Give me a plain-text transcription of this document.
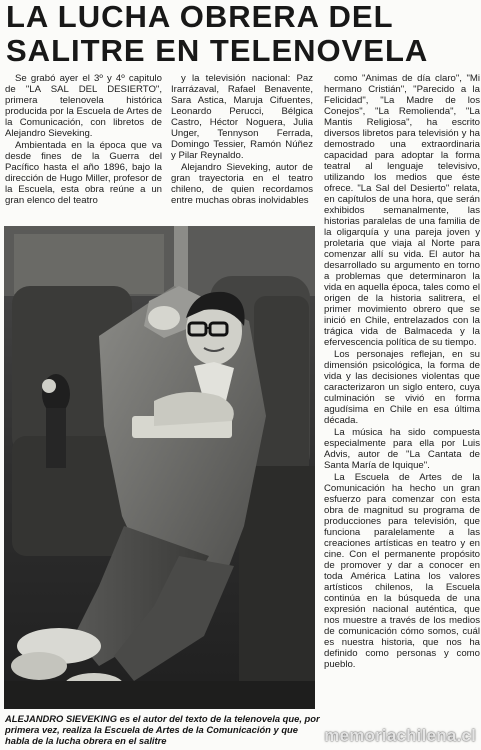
LA LUCHA OBRERA DEL
SALITRE EN TELENOVELA

Se grabó ayer el 3º y 4º capitulo de "LA SAL DEL DESIERTO", primera telenovela histórica producida por la Escuela de Artes de la Comunicación, con libretos de Alejandro Sieveking.

Ambientada en la época que va desde fines de la Guerra del Pacífico hasta el año 1896, bajo la dirección de Hugo Miller, profesor de la Escuela, esta obra reúne a un gran elenco del teatro

y la televisión nacional: Paz Irarrázaval, Rafael Benavente, Sara Astica, Maruja Cifuentes, Leonardo Perucci, Bélgica Castro, Héctor Noguera, Julia Unger, Tennyson Ferrada, Domingo Tessier, Ramón Núñez y Pilar Reynaldo.

Alejandro Sieveking, autor de gran trayectoria en el teatro chileno, de quien recordamos entre muchas obras inolvidables

como "Animas de día claro", "Mi hermano Cristián", "Parecido a la Felicidad", "La Madre de los Conejos", "La Remolienda", "La Mantis Religiosa", ha escrito diversos libretos para televisión y ha demostrado una extraordinaria capacidad para adoptar la forma teatral al lenguaje televisivo, utilizando los medios que éste ofrece. "La Sal del Desierto" relata, en capítulos de una hora, que serán exhibidos semanalmente, las historias paralelas de una familia de la oligarquía y una pareja joven y proletaria que viaja al Norte para comenzar allí su vida. El autor ha desarrollado su argumento en torno a problemas que determinaron la vida en aquella época, tales como el origen de la historia salitrera, el primer movimiento obrero que se inició en Chile, entrelazados con la trágica vida de Balmaceda y la efervescencia política de su tiempo.

Los personajes reflejan, en su dimensión psicológica, la forma de vida y las decisiones violentas que caracterizaron un siglo entero, cuya culminación se vivió en forma agudísima en Chile en esa última década.

La música ha sido compuesta especialmente para ella por Luis Advis, autor de "La Cantata de Santa María de Iquique".

La Escuela de Artes de la Comunicación ha hecho un gran esfuerzo para comenzar con esta obra de magnitud su programa de producciones para televisión, que funciona paralelamente a las creaciones artísticas en teatro y en cine. Con el permanente propósito de promover y dar a conocer en toda América Latina los valores artísticos chilenos, la Escuela continúa en la búsqueda de una expresión nacional auténtica, que nos muestre a través de los medios de comunicación cómo somos, cuál es nuestra historia, que nos ha definido como personas y como pueblo.

ALEJANDRO SIEVEKING es el autor del texto de la telenovela que, por primera vez, realiza la Escuela de Artes de la Comunicación y que habla de la lucha obrera en el salitre	memoriachilena.cl
